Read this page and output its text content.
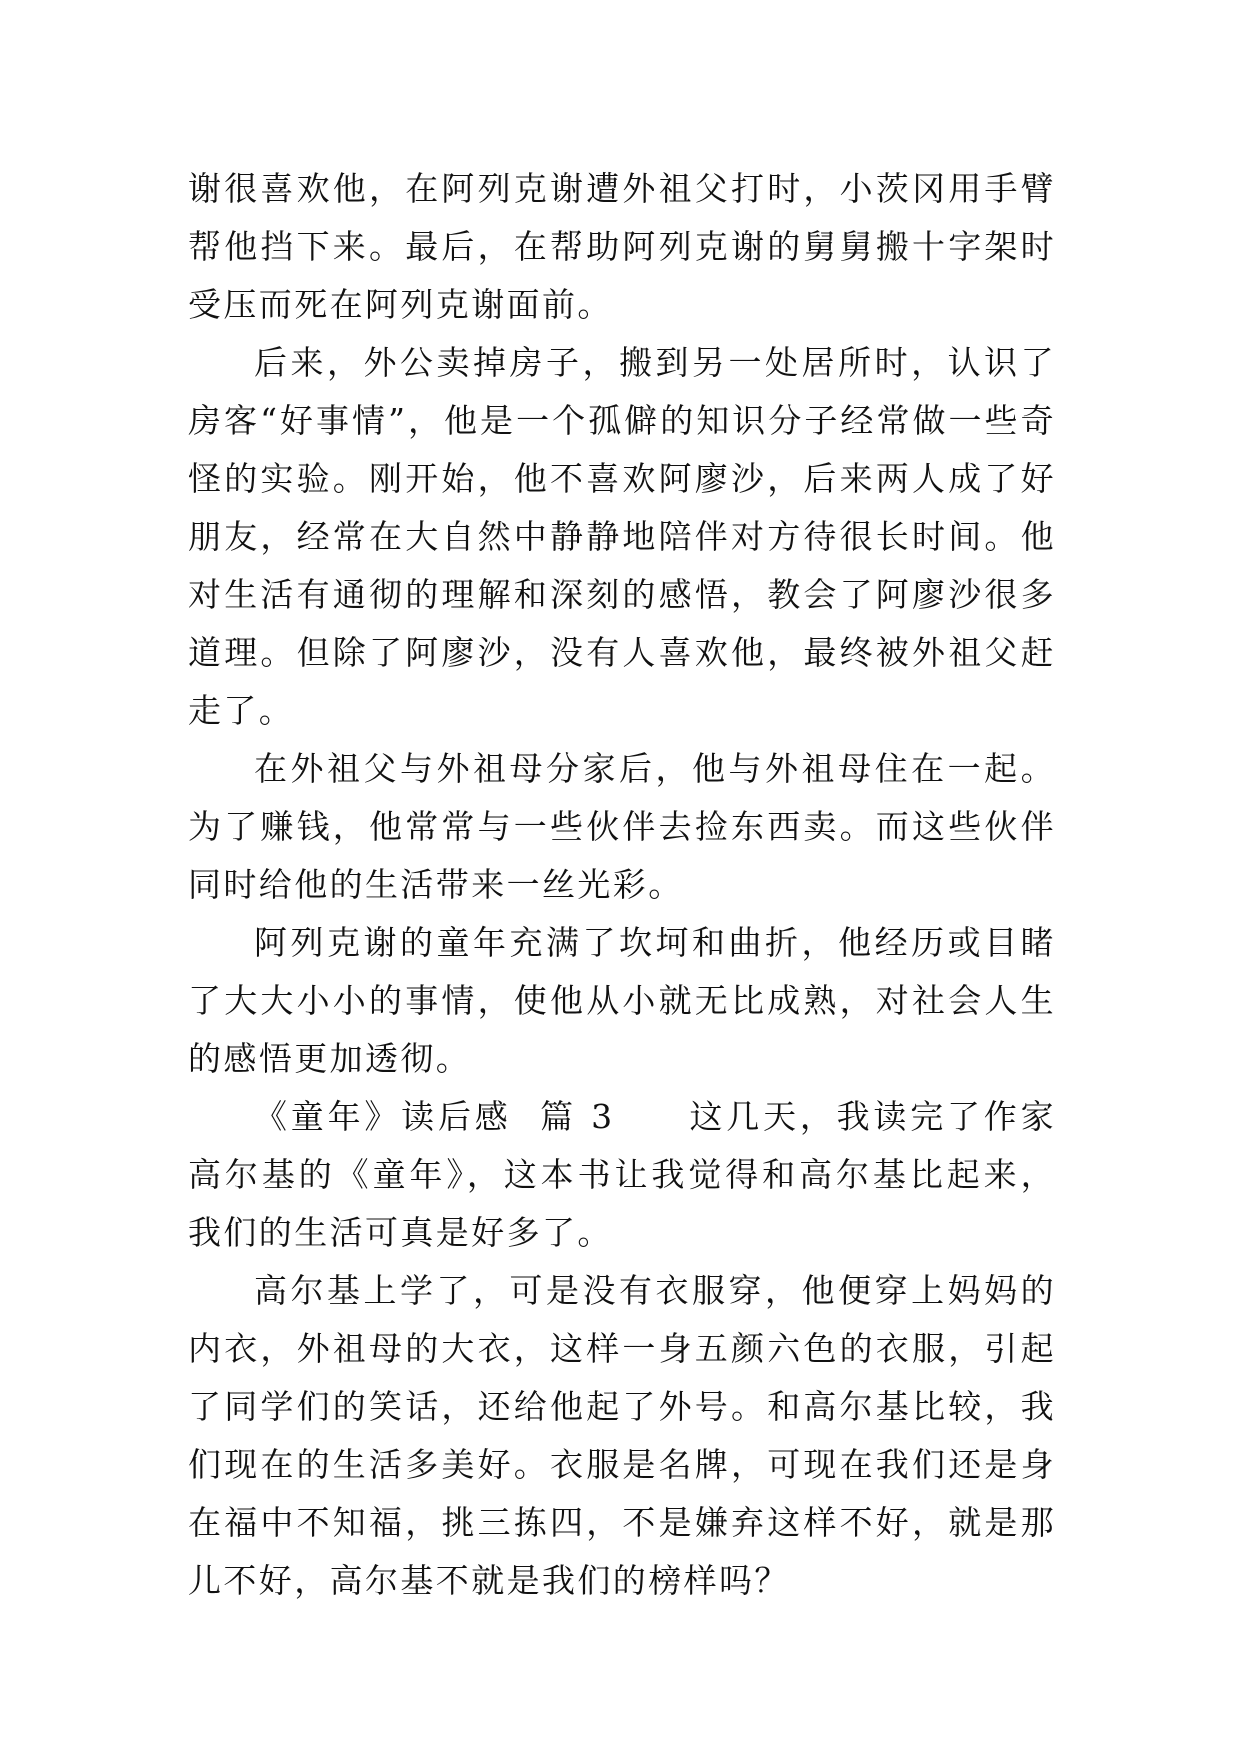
谢很喜欢他，在阿列克谢遭外祖父打时，小茨冈用手臂帮他挡下来。最后，在帮助阿列克谢的舅舅搬十字架时受压而死在阿列克谢面前。

后来，外公卖掉房子，搬到另一处居所时，认识了房客“好事情”，他是一个孤僻的知识分子经常做一些奇怪的实验。刚开始，他不喜欢阿廖沙，后来两人成了好朋友，经常在大自然中静静地陪伴对方待很长时间。他对生活有通彻的理解和深刻的感悟，教会了阿廖沙很多道理。但除了阿廖沙，没有人喜欢他，最终被外祖父赶走了。

在外祖父与外祖母分家后，他与外祖母住在一起。为了赚钱，他常常与一些伙伴去捡东西卖。而这些伙伴同时给他的生活带来一丝光彩。

阿列克谢的童年充满了坎坷和曲折，他经历或目睹了大大小小的事情，使他从小就无比成熟，对社会人生的感悟更加透彻。

《童年》读后感  篇 3　　这几天，我读完了作家高尔基的《童年》，这本书让我觉得和高尔基比起来，我们的生活可真是好多了。

高尔基上学了，可是没有衣服穿，他便穿上妈妈的内衣，外祖母的大衣，这样一身五颜六色的衣服，引起了同学们的笑话，还给他起了外号。和高尔基比较，我们现在的生活多美好。衣服是名牌，可现在我们还是身在福中不知福，挑三拣四，不是嫌弃这样不好，就是那儿不好，高尔基不就是我们的榜样吗？
